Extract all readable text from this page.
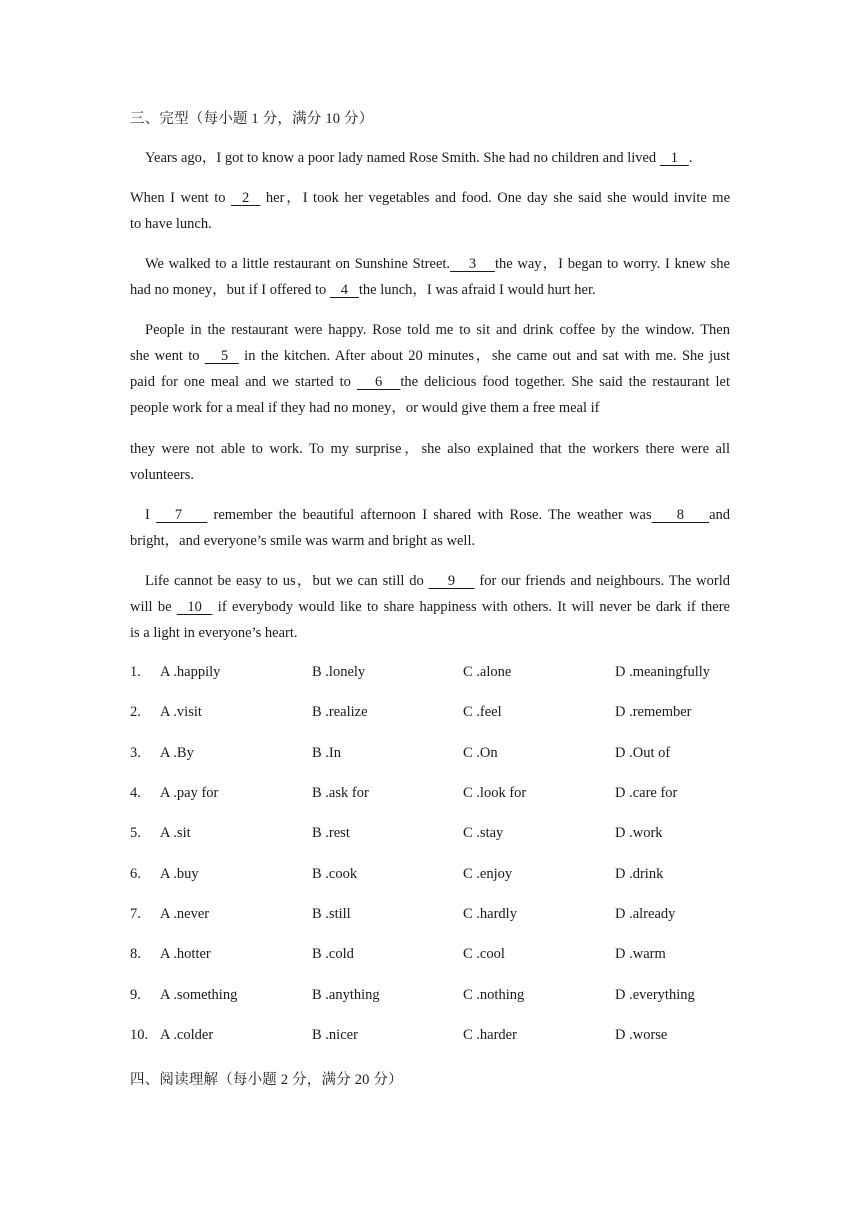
三、完型（每小题 1 分，满分 10 分）
Years ago，I got to know a poor lady named Rose Smith. She had no children and lived    1   .
When I went to   2   her，I took her vegetables and food. One day she said she would invite me
to have lunch.
We walked to a little restaurant on Sunshine Street.    3    the way，I began to worry. I knew she
had no money，but if I offered to    4   the lunch，I was afraid I would hurt her.
People in the restaurant were happy. Rose told me to sit and drink coffee by the window. Then
she went to    5   in the kitchen. After about 20 minutes，she came out and sat with me. She just
paid for one meal and we started to    6   the delicious food together. She said the restaurant let
people work for a meal if they had no money，or would give them a free meal if
they were not able to work. To my surprise，she also explained that the workers there were all
volunteers.
I    7     remember the beautiful afternoon I shared with Rose. The weather was    8    and
bright，and everyone’s smile was warm and bright as well.
Life cannot be easy to us，but we can still do     9     for our friends and neighbours. The world
will be   10   if everybody would like to share happiness with others. It will never be dark if there
is a light in everyone’s heart.
1. A .happily	B .lonely	C .alone	D .meaningfully
2. A .visit	B .realize	C .feel	D .remember
3. A .By	B .In	C .On	D .Out of
4. A .pay for	B .ask for	C .look for	D .care for
5. A .sit	B .rest	C .stay	D .work
6. A .buy	B .cook	C .enjoy	D .drink
7. A .never	B .still	C .hardly	D .already
8. A .hotter	B .cold	C .cool	D .warm
9. A .something	B .anything	C .nothing	D .everything
10. A .colder	B .nicer	C .harder	D .worse
四、阅读理解（每小题 2 分，满分 20 分）
